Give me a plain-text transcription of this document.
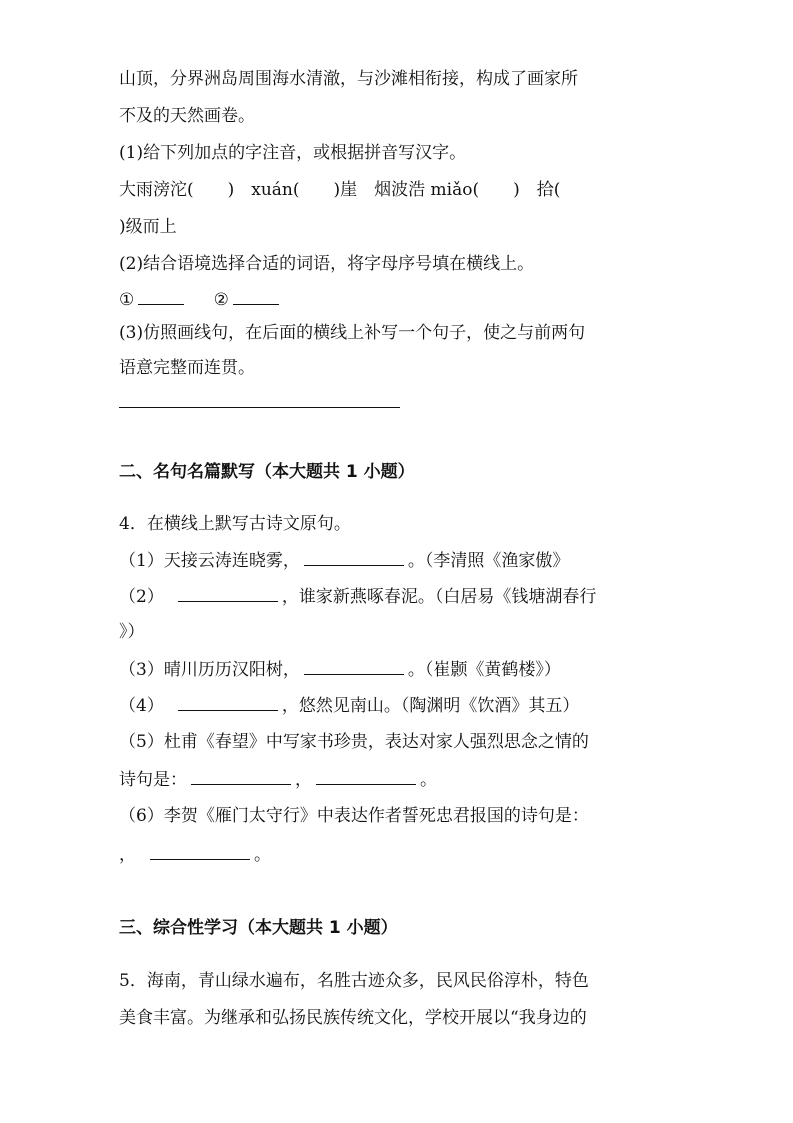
山顶，分界洲岛周围海水清澈，与沙滩相衔接，构成了画家所
不及的天然画卷。
(1)给下列加点的字注音，或根据拼音写汉字。
大雨滂沱(　　)　xuán(　　)崖　烟波浩 miǎo(　　)　拾(
)级而上
(2)结合语境选择合适的词语，将字母序号填在横线上。
①	②
(3)仿照画线句，在后面的横线上补写一个句子，使之与前两句
语意完整而连贯。
二、名句名篇默写（本大题共 1 小题）
4．在横线上默写古诗文原句。
（1）天接云涛连晓雾，	。（李清照《渔家傲》
（2）	，谁家新燕啄春泥。（白居易《钱塘湖春行
》）
（3）晴川历历汉阳树，	。（崔颢《黄鹤楼》）
（4）	，悠然见南山。（陶渊明《饮酒》其五）
（5）杜甫《春望》中写家书珍贵，表达对家人强烈思念之情的
诗句是：	，	。
（6）李贺《雁门太守行》中表达作者誓死忠君报国的诗句是：
，	。
三、综合性学习（本大题共 1 小题）
5．海南，青山绿水遍布，名胜古迹众多，民风民俗淳朴，特色
美食丰富。为继承和弘扬民族传统文化，学校开展以“我身边的
